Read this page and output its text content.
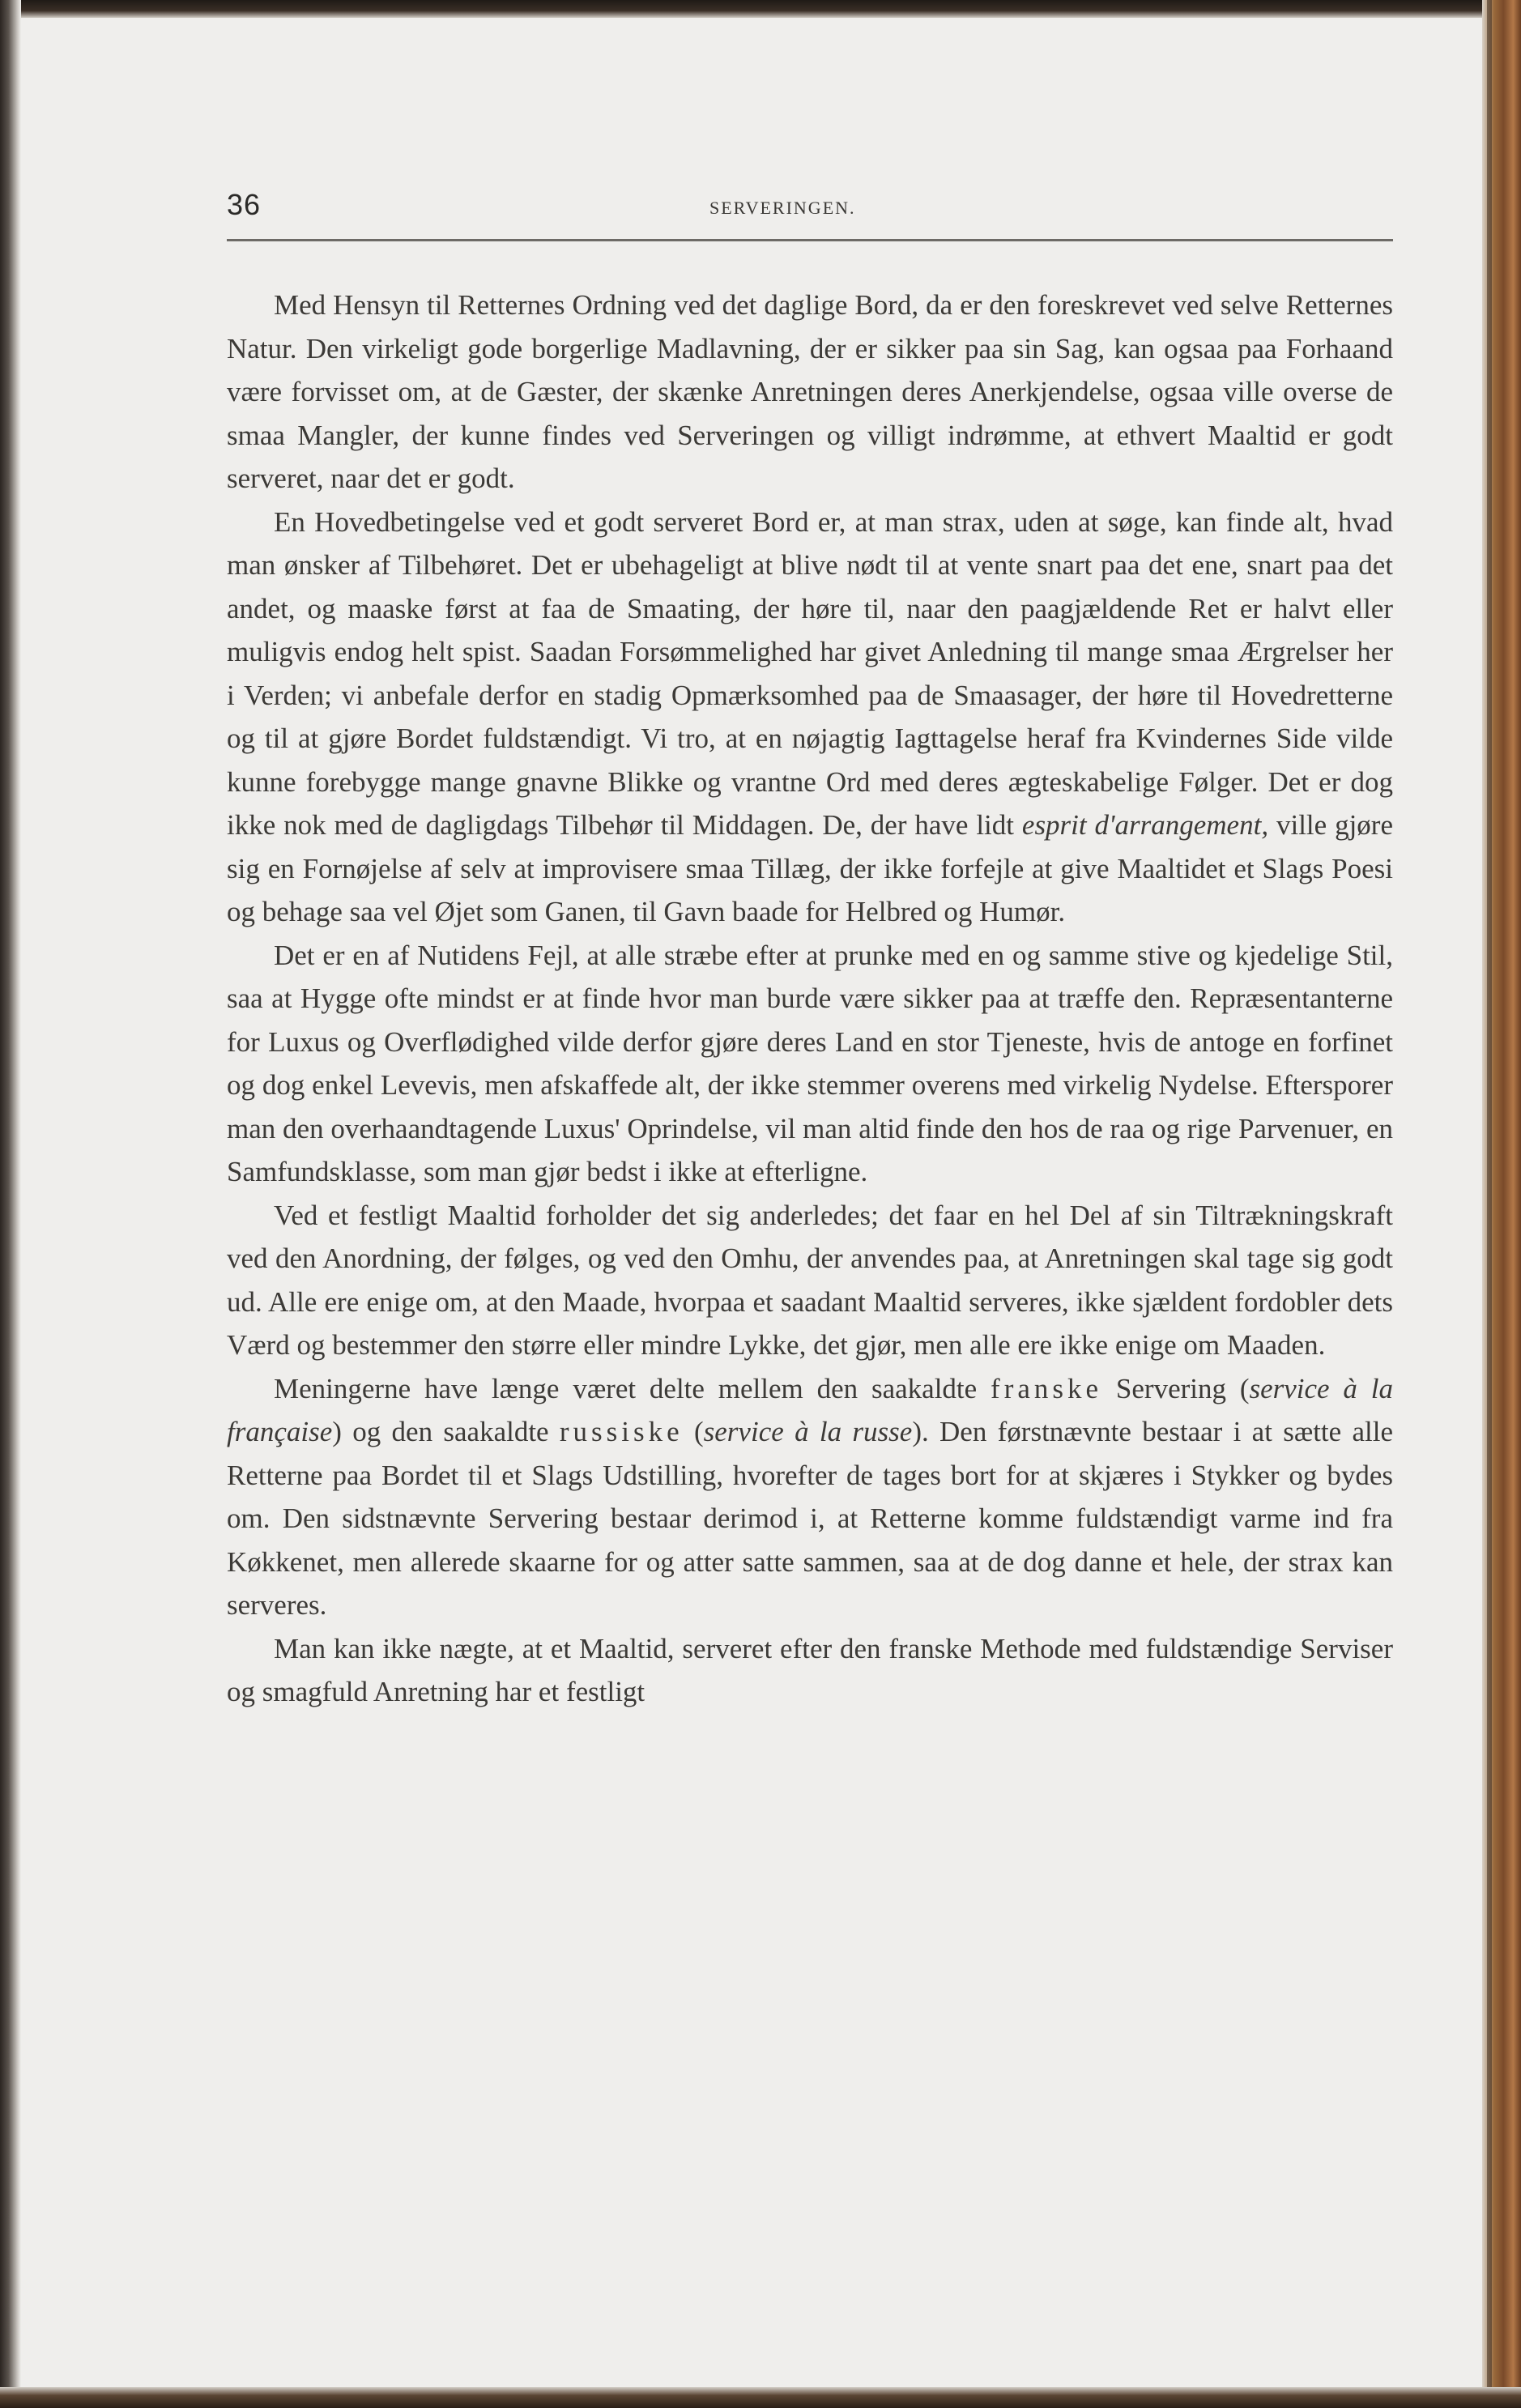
36	SERVERINGEN.

Med Hensyn til Retternes Ordning ved det daglige Bord, da er den foreskrevet ved selve Retternes Natur. Den virkeligt gode borgerlige Madlavning, der er sikker paa sin Sag, kan ogsaa paa Forhaand være forvisset om, at de Gæster, der skænke Anretningen deres Anerkjendelse, ogsaa ville overse de smaa Mangler, der kunne findes ved Serveringen og villigt indrømme, at ethvert Maaltid er godt serveret, naar det er godt.

En Hovedbetingelse ved et godt serveret Bord er, at man strax, uden at søge, kan finde alt, hvad man ønsker af Tilbehøret. Det er ubehageligt at blive nødt til at vente snart paa det ene, snart paa det andet, og maaske først at faa de Smaating, der høre til, naar den paagjældende Ret er halvt eller muligvis endog helt spist. Saadan Forsømmelighed har givet Anledning til mange smaa Ærgrelser her i Verden; vi anbefale derfor en stadig Opmærksomhed paa de Smaasager, der høre til Hovedretterne og til at gjøre Bordet fuldstændigt. Vi tro, at en nøjagtig Iagttagelse heraf fra Kvindernes Side vilde kunne forebygge mange gnavne Blikke og vrantne Ord med deres ægteskabelige Følger. Det er dog ikke nok med de dagligdags Tilbehør til Middagen. De, der have lidt esprit d'arrangement, ville gjøre sig en Fornøjelse af selv at improvisere smaa Tillæg, der ikke forfejle at give Maaltidet et Slags Poesi og behage saa vel Øjet som Ganen, til Gavn baade for Helbred og Humør.

Det er en af Nutidens Fejl, at alle stræbe efter at prunke med en og samme stive og kjedelige Stil, saa at Hygge ofte mindst er at finde hvor man burde være sikker paa at træffe den. Repræsentanterne for Luxus og Overflødighed vilde derfor gjøre deres Land en stor Tjeneste, hvis de antoge en forfinet og dog enkel Levevis, men afskaffede alt, der ikke stemmer overens med virkelig Nydelse. Eftersporer man den overhaandtagende Luxus' Oprindelse, vil man altid finde den hos de raa og rige Parvenuer, en Samfundsklasse, som man gjør bedst i ikke at efterligne.

Ved et festligt Maaltid forholder det sig anderledes; det faar en hel Del af sin Tiltrækningskraft ved den Anordning, der følges, og ved den Omhu, der anvendes paa, at Anretningen skal tage sig godt ud. Alle ere enige om, at den Maade, hvorpaa et saadant Maaltid serveres, ikke sjældent fordobler dets Værd og bestemmer den større eller mindre Lykke, det gjør, men alle ere ikke enige om Maaden.

Meningerne have længe været delte mellem den saakaldte franske Servering (service à la française) og den saakaldte russiske (service à la russe). Den førstnævnte bestaar i at sætte alle Retterne paa Bordet til et Slags Udstilling, hvorefter de tages bort for at skjæres i Stykker og bydes om. Den sidstnævnte Servering bestaar derimod i, at Retterne komme fuldstændigt varme ind fra Køkkenet, men allerede skaarne for og atter satte sammen, saa at de dog danne et hele, der strax kan serveres.

Man kan ikke nægte, at et Maaltid, serveret efter den franske Methode med fuldstændige Serviser og smagfuld Anretning har et festligt
